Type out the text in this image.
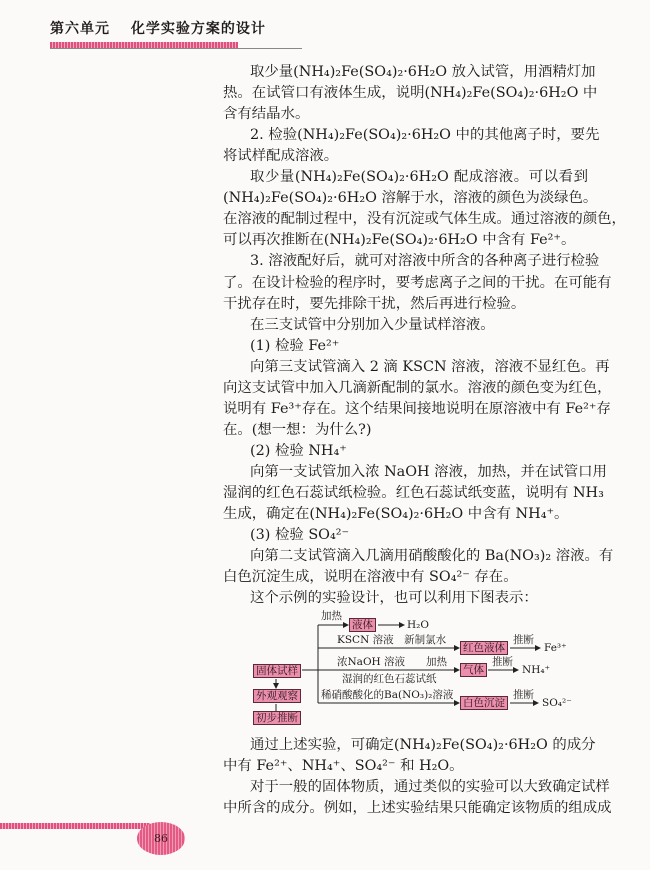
第六单元　 化学实验方案的设计
取少量(NH₄)₂Fe(SO₄)₂·6H₂O 放入试管，用酒精灯加
热。在试管口有液体生成，说明(NH₄)₂Fe(SO₄)₂·6H₂O 中
含有结晶水。
2. 检验(NH₄)₂Fe(SO₄)₂·6H₂O 中的其他离子时，要先
将试样配成溶液。
取少量(NH₄)₂Fe(SO₄)₂·6H₂O 配成溶液。可以看到
(NH₄)₂Fe(SO₄)₂·6H₂O 溶解于水，溶液的颜色为淡绿色。
在溶液的配制过程中，没有沉淀或气体生成。通过溶液的颜色，
可以再次推断在(NH₄)₂Fe(SO₄)₂·6H₂O 中含有 Fe²⁺。
3. 溶液配好后，就可对溶液中所含的各种离子进行检验
了。在设计检验的程序时，要考虑离子之间的干扰。在可能有
干扰存在时，要先排除干扰，然后再进行检验。
在三支试管中分别加入少量试样溶液。
(1) 检验 Fe²⁺
向第三支试管滴入 2 滴 KSCN 溶液，溶液不显红色。再
向这支试管中加入几滴新配制的氯水。溶液的颜色变为红色，
说明有 Fe³⁺存在。这个结果间接地说明在原溶液中有 Fe²⁺存
在。(想一想：为什么?)
(2) 检验 NH₄⁺
向第一支试管加入浓 NaOH 溶液，加热，并在试管口用
湿润的红色石蕊试纸检验。红色石蕊试纸变蓝，说明有 NH₃
生成，确定在(NH₄)₂Fe(SO₄)₂·6H₂O 中含有 NH₄⁺。
(3) 检验 SO₄²⁻
向第二支试管滴入几滴用硝酸酸化的 Ba(NO₃)₂ 溶液。有
白色沉淀生成，说明在溶液中有 SO₄²⁻ 存在。
这个示例的实验设计，也可以利用下图表示：
通过上述实验，可确定(NH₄)₂Fe(SO₄)₂·6H₂O 的成分
中有 Fe²⁺、NH₄⁺、SO₄²⁻ 和 H₂O。
对于一般的固体物质，通过类似的实验可以大致确定试样
中所含的成分。例如，上述实验结果只能确定该物质的组成成
固体试样
外观观察
初步推断
加热
液体	H₂O
KSCN 溶液　新制氯水
红色液体
推断
Fe³⁺
浓NaOH 溶液　　加热
湿润的红色石蕊试纸
气体
推断
NH₄⁺
稀硝酸酸化的Ba(NO₃)₂溶液
白色沉淀
推断
SO₄²⁻
86
